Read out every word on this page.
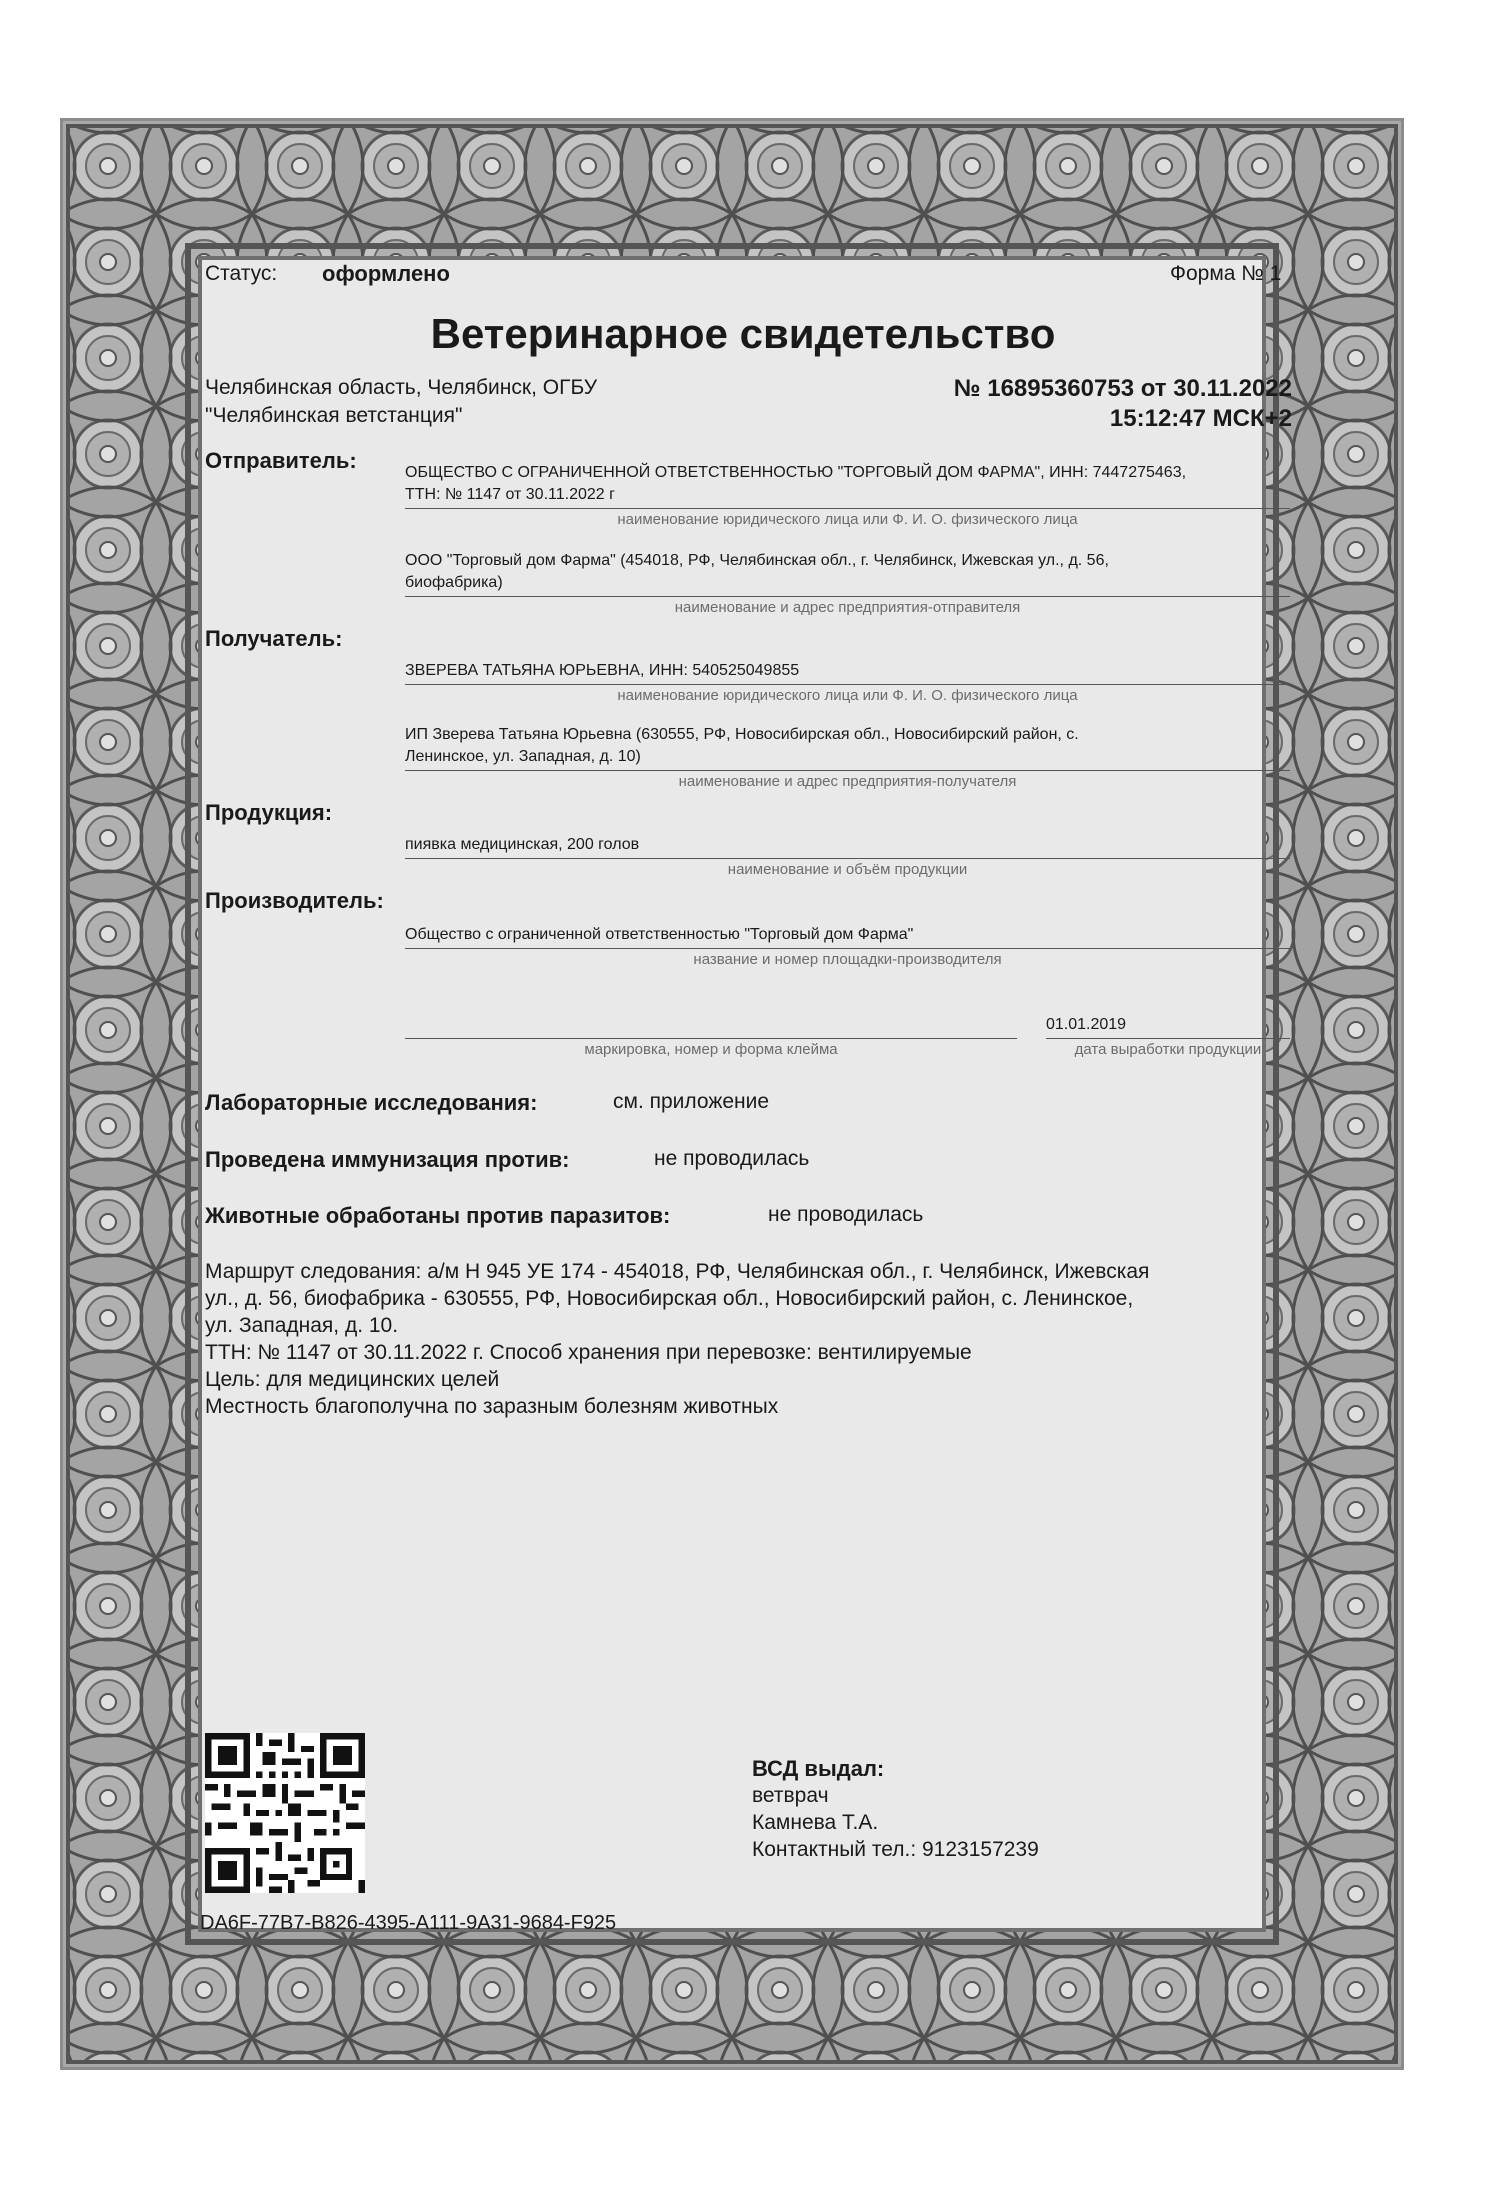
Статус: оформлено	Форма № 1
Ветеринарное свидетельство
Челябинская область, Челябинск, ОГБУ
"Челябинская ветстанция"
№ 16895360753 от 30.11.2022
15:12:47 МСК+2
Отправитель:	ОБЩЕСТВО С ОГРАНИЧЕННОЙ ОТВЕТСТВЕННОСТЬЮ "ТОРГОВЫЙ ДОМ ФАРМА", ИНН: 7447275463,
ТТН: № 1147 от 30.11.2022 г
наименование юридического лица или Ф. И. О. физического лица
ООО "Торговый дом Фарма" (454018, РФ, Челябинская обл., г. Челябинск, Ижевская ул., д. 56,
биофабрика)
наименование и адрес предприятия-отправителя
Получатель:
ЗВЕРЕВА ТАТЬЯНА ЮРЬЕВНА, ИНН: 540525049855
наименование юридического лица или Ф. И. О. физического лица
ИП Зверева Татьяна Юрьевна (630555, РФ, Новосибирская обл., Новосибирский район, с.
Ленинское, ул. Западная, д. 10)
наименование и адрес предприятия-получателя
Продукция:
пиявка медицинская, 200 голов
наименование и объём продукции
Производитель:
Общество с ограниченной ответственностью "Торговый дом Фарма"
название и номер площадки-производителя
маркировка, номер и форма клейма
01.01.2019
дата выработки продукции
Лабораторные исследования:	см. приложение
Проведена иммунизация против:	не проводилась
Животные обработаны против паразитов:	не проводилась
Маршрут следования: а/м Н 945 УЕ 174 - 454018, РФ, Челябинская обл., г. Челябинск, Ижевская
ул., д. 56, биофабрика - 630555, РФ, Новосибирская обл., Новосибирский район, с. Ленинское,
ул. Западная, д. 10.
ТТН: № 1147 от 30.11.2022 г. Способ хранения при перевозке: вентилируемые
Цель: для медицинских целей
Местность благополучна по заразным болезням животных
ВСД выдал:
ветврач
Камнева Т.А.
Контактный тел.: 9123157239
DA6F-77B7-B826-4395-A111-9A31-9684-F925
